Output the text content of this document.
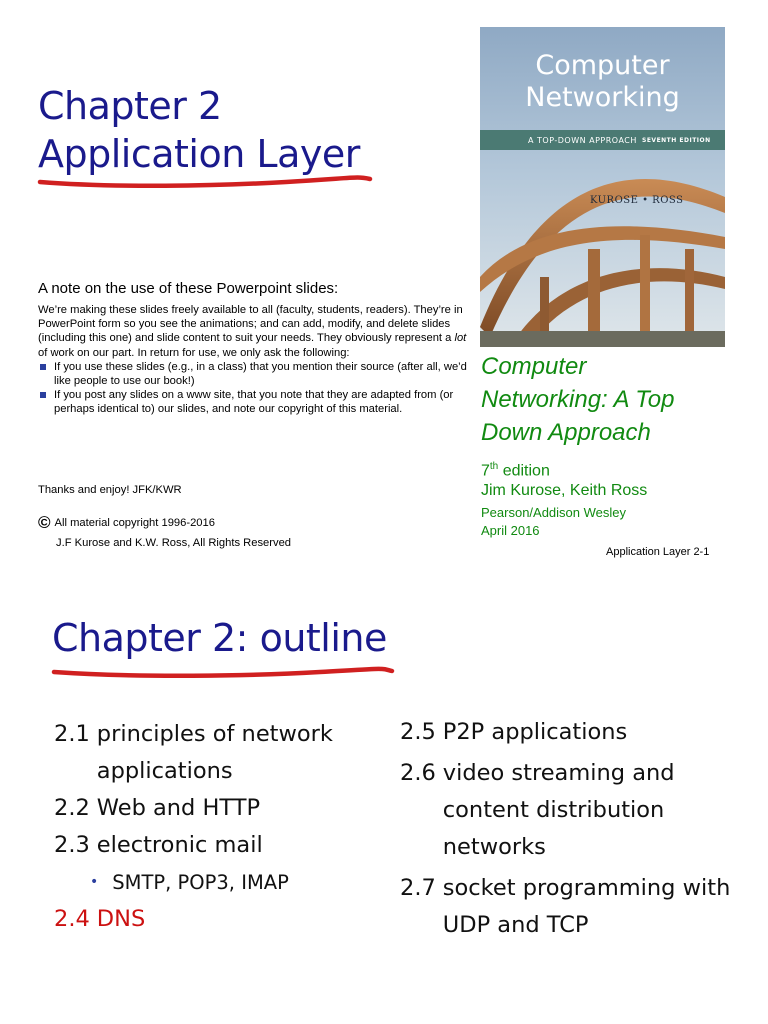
Chapter 2
Application Layer
A note on the use of these Powerpoint slides:

We’re making these slides freely available to all (faculty, students, readers). They’re in PowerPoint form so you see the animations; and can add, modify, and delete slides (including this one) and slide content to suit your needs. They obviously represent a lot of work on our part. In return for use, we only ask the following:

If you use these slides (e.g., in a class) that you mention their source (after all, we’d like people to use our book!)
If you post any slides on a www site, that you note that they are adapted from (or perhaps identical to) our slides, and note our copyright of this material.
Thanks and enjoy! JFK/KWR
© All material copyright 1996-2016
J.F Kurose and K.W. Ross, All Rights Reserved
Computer
Networking
A TOP-DOWN APPROACH SEVENTH EDITION
KUROSE • ROSS
Computer
Networking: A Top
Down Approach
7th edition
Jim Kurose, Keith Ross
Pearson/Addison Wesley
April 2016
Application Layer 2-1
Chapter 2: outline
2.1 principles of network applications
2.2 Web and HTTP
2.3 electronic mail
• SMTP, POP3, IMAP
2.4 DNS
2.5 P2P applications
2.6 video streaming and content distribution networks
2.7 socket programming with UDP and TCP
